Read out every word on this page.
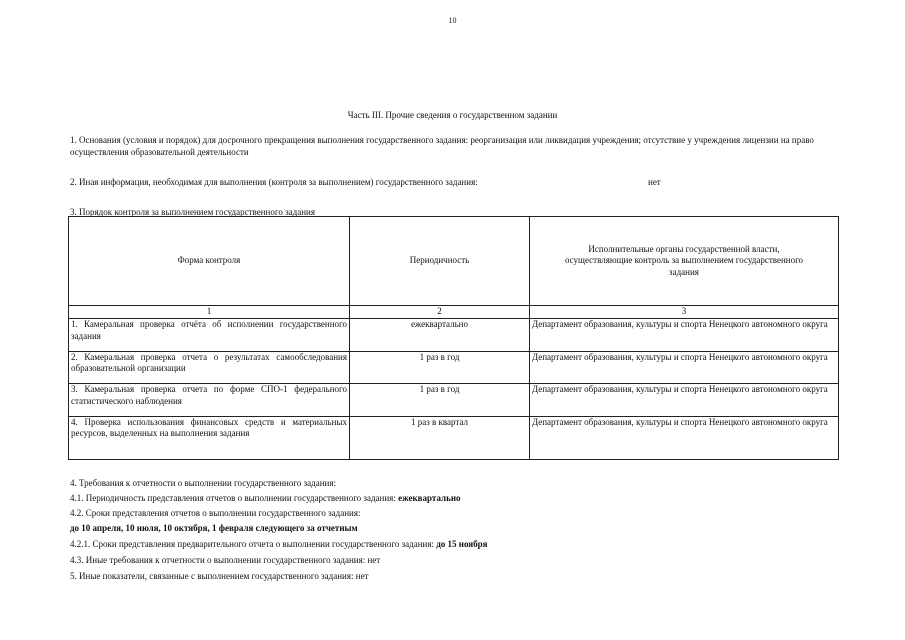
10
Часть III. Прочие сведения о государственном задании
1. Основания (условия и порядок) для досрочного прекращения выполнения государственного задания: реорганизация или ликвидация учреждения; отсутствие у учреждения лицензии на право осуществления образовательной деятельности
2. Иная информация, необходимая для выполнения (контроля за выполнением) государственного задания:	нет
3. Порядок контроля за выполнением государственного задания
Форма контроля	Периодичность	Исполнительные органы государственной власти, осуществляющие контроль за выполнением государственного задания
1	2	3
1. Камеральная проверка отчёта об исполнении государственного задания	ежеквартально	Департамент образования, культуры и спорта Ненецкого автономного округа
2. Камеральная проверка отчета о результатах самообследования образовательной организации	1 раз в год	Департамент образования, культуры и спорта Ненецкого автономного округа
3. Камеральная проверка отчета по форме СПО-1 федерального статистического наблюдения	1 раз в год	Департамент образования, культуры и спорта Ненецкого автономного округа
4. Проверка использования финансовых средств и материальных ресурсов, выделенных на выполнения задания	1 раз в квартал	Департамент образования, культуры и спорта Ненецкого автономного округа
4. Требования к отчетности о выполнении государственного задания:
4.1. Периодичность представления отчетов о выполнении государственного задания: ежеквартально
4.2. Сроки представления отчетов о выполнении государственного задания:
до 10 апреля, 10 июля, 10 октября, 1 февраля следующего за отчетным
4.2.1. Сроки представления предварительного отчета о выполнении государственного задания: до 15 ноября
4.3. Иные требования к отчетности о выполнении государственного задания: нет
5. Иные показатели, связанные с выполнением государственного задания: нет
